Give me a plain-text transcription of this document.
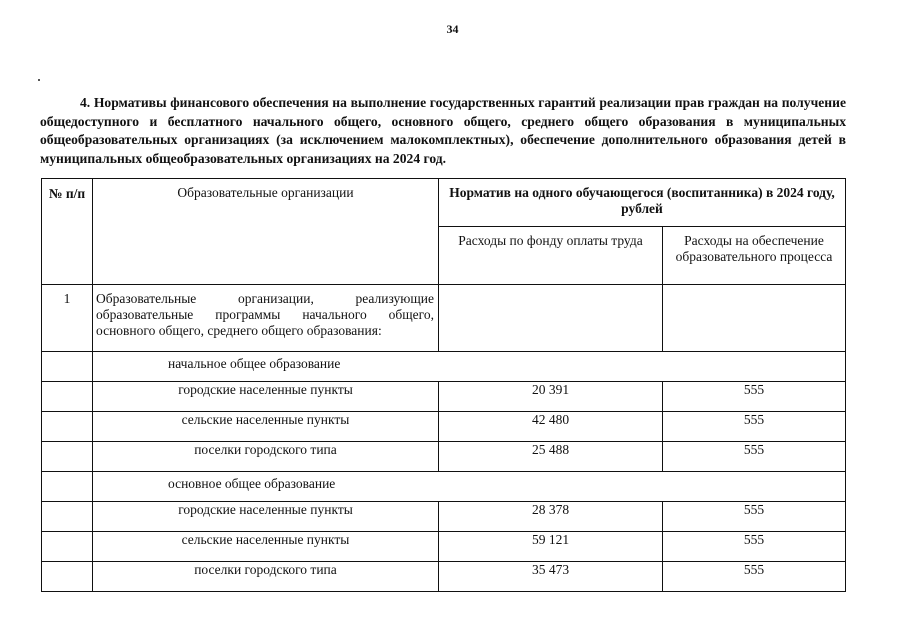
34
4. Нормативы финансового обеспечения на выполнение государственных гарантий реализации прав граждан на получение общедоступного и бесплатного начального общего, основного общего, среднего общего образования в муниципальных общеобразовательных организациях (за исключением малокомплектных), обеспечение дополнительного образования детей в муниципальных общеобразовательных организациях на 2024 год.
№ п/п	Образовательные организации	Норматив на одного обучающегося (воспитанника) в 2024 году, рублей	
		Расходы по фонду оплаты труда	Расходы на обеспечение образовательного процесса
1	Образовательные организации, реализующие образовательные программы начального общего, основного общего, среднего общего образования:		
	начальное общее образование		
	городские населенные пункты	20 391	555
	сельские населенные пункты	42 480	555
	поселки городского типа	25 488	555
	основное общее образование		
	городские населенные пункты	28 378	555
	сельские населенные пункты	59 121	555
	поселки городского типа	35 473	555
